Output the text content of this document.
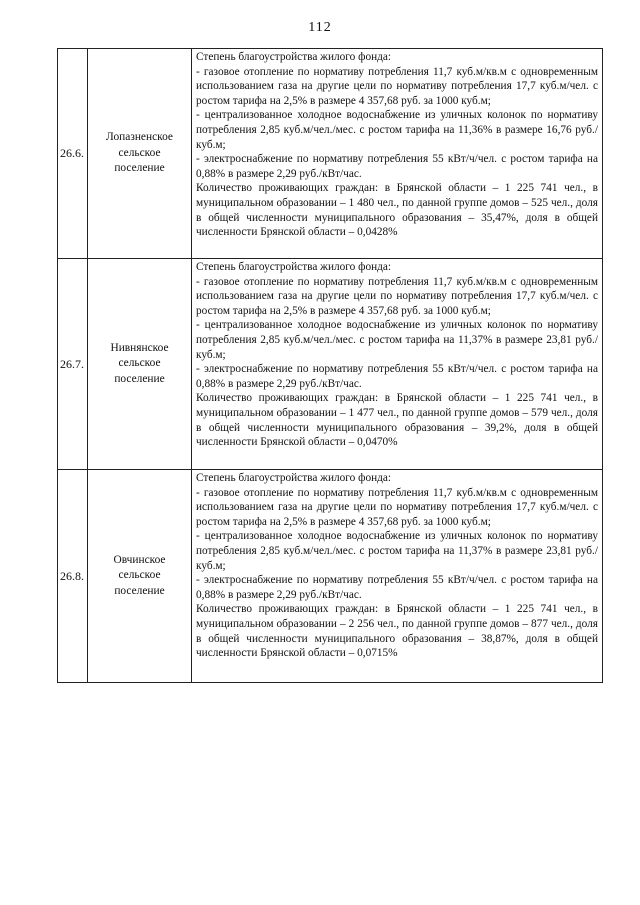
112
26.6.	Лопазненское сельское поселение	Степень благоустройства жилого фонда:

- газовое отопление по нормативу потребления 11,7 куб.м/кв.м с одновременным использованием газа на другие цели по нормативу потребления 17,7 куб.м/чел. с ростом тарифа на 2,5% в размере 4 357,68 руб. за 1000 куб.м;

- централизованное холодное водоснабжение из уличных колонок по нормативу потребления 2,85 куб.м/чел./мес. с ростом тарифа на 11,36% в размере 16,76 руб./куб.м;

- электроснабжение по нормативу потребления 55 кВт/ч/чел. с ростом тарифа на 0,88% в размере 2,29 руб./кВт/час.

Количество проживающих граждан: в Брянской области – 1 225 741 чел., в муниципальном образовании – 1 480 чел., по данной группе домов – 525 чел., доля в общей численности муниципального образования – 35,47%, доля в общей численности Брянской области – 0,0428%

26.7.	Нивнянское сельское поселение	Степень благоустройства жилого фонда:

- газовое отопление по нормативу потребления 11,7 куб.м/кв.м с одновременным использованием газа на другие цели по нормативу потребления 17,7 куб.м/чел. с ростом тарифа на 2,5% в размере 4 357,68 руб. за 1000 куб.м;

- централизованное холодное водоснабжение из уличных колонок по нормативу потребления 2,85 куб.м/чел./мес. с ростом тарифа на 11,37% в размере 23,81 руб./куб.м;

- электроснабжение по нормативу потребления 55 кВт/ч/чел. с ростом тарифа на 0,88% в размере 2,29 руб./кВт/час.

Количество проживающих граждан: в Брянской области – 1 225 741 чел., в муниципальном образовании – 1 477 чел., по данной группе домов – 579 чел., доля в общей численности муниципального образования – 39,2%, доля в общей численности Брянской области – 0,0470%

26.8.	Овчинское сельское поселение	Степень благоустройства жилого фонда:

- газовое отопление по нормативу потребления 11,7 куб.м/кв.м с одновременным использованием газа на другие цели по нормативу потребления 17,7 куб.м/чел. с ростом тарифа на 2,5% в размере 4 357,68 руб. за 1000 куб.м;

- централизованное холодное водоснабжение из уличных колонок по нормативу потребления 2,85 куб.м/чел./мес. с ростом тарифа на 11,37% в размере 23,81 руб./куб.м;

- электроснабжение по нормативу потребления 55 кВт/ч/чел. с ростом тарифа на 0,88% в размере 2,29 руб./кВт/час.

Количество проживающих граждан: в Брянской области – 1 225 741 чел., в муниципальном образовании – 2 256 чел., по данной группе домов – 877 чел., доля в общей численности муниципального образования – 38,87%, доля в общей численности Брянской области – 0,0715%
